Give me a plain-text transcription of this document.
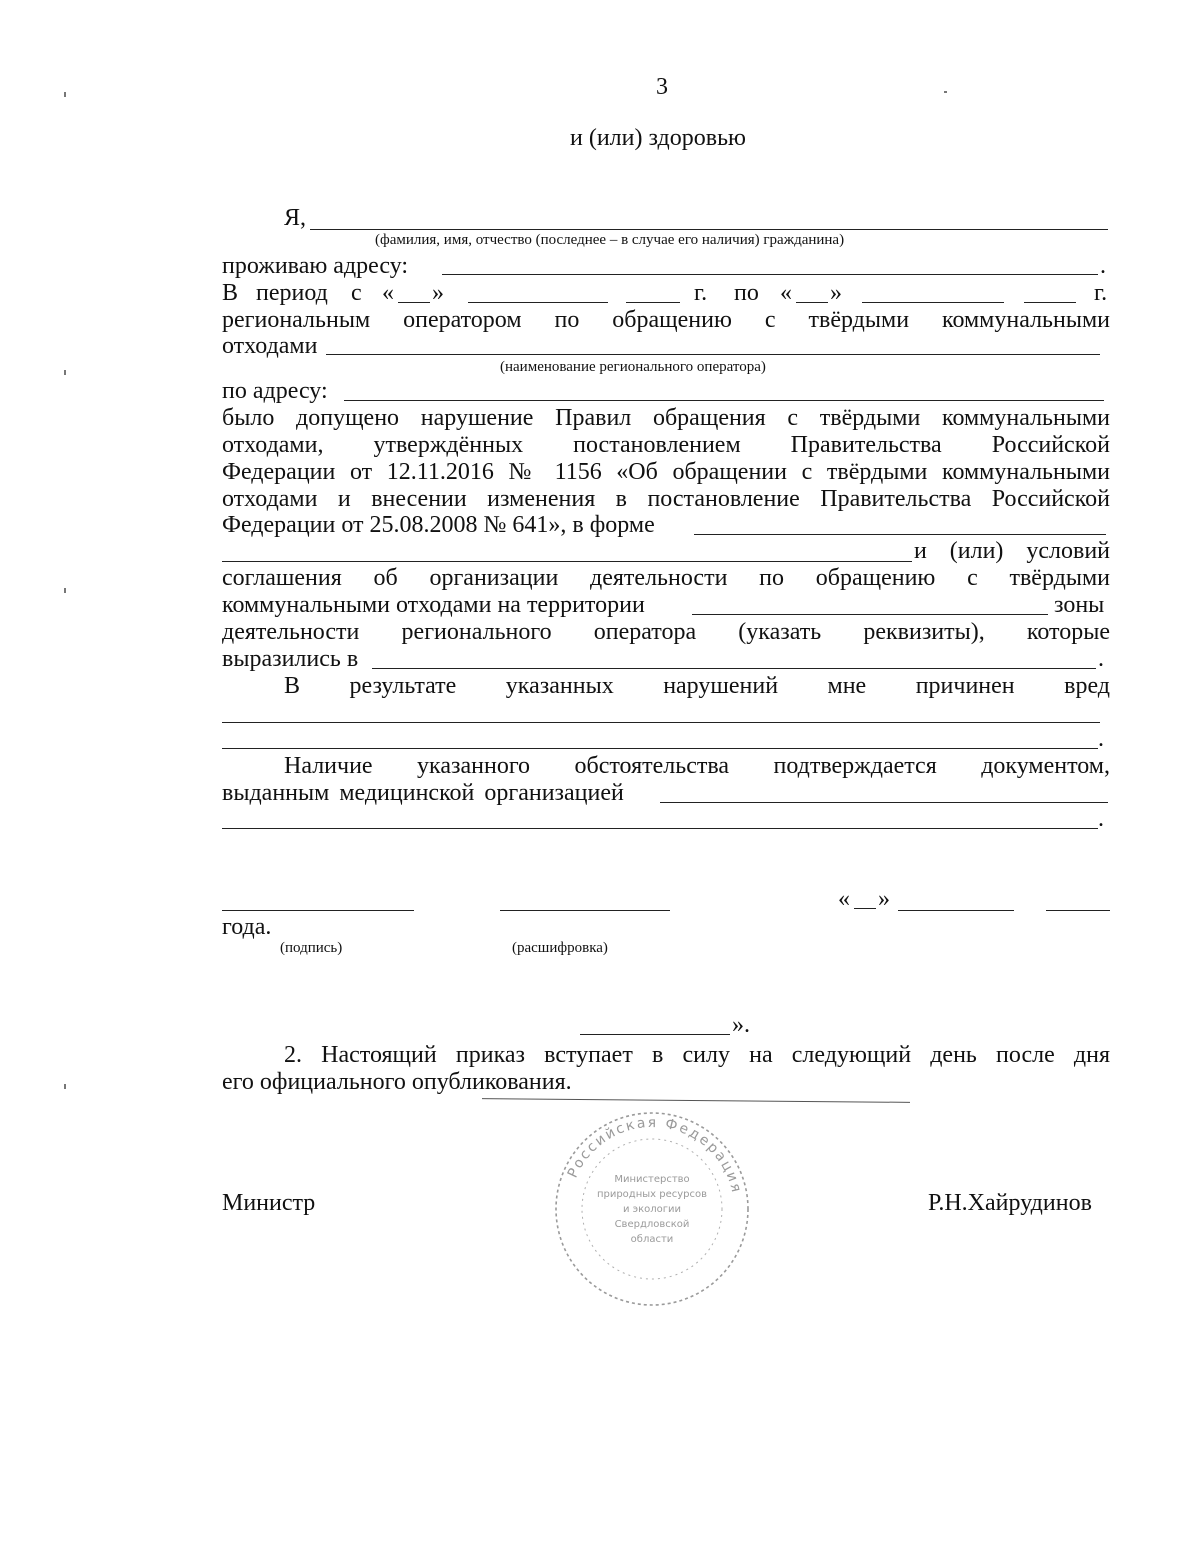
3
и (или) здоровью
Я,
(фамилия, имя, отчество (последнее – в случае его наличия) гражданина)
проживаю адресу:	.
В период с « »	г. по « »	г.
региональным оператором по обращению с твёрдыми коммунальными
отходами
(наименование регионального оператора)
по адресу:
было допущено нарушение Правил обращения с твёрдыми коммунальными
отходами, утверждённых постановлением Правительства Российской
Федерации от 12.11.2016 № 1156 «Об обращении с твёрдыми коммунальными
отходами и внесении изменения в постановление Правительства Российской
Федерации от 25.08.2008 № 641», в форме
и (или) условий
соглашения об организации деятельности по обращению с твёрдыми
коммунальными отходами на территории	зоны
деятельности регионального оператора (указать реквизиты), которые
выразились в	.
В результате указанных нарушений мне причинен вред
.
Наличие указанного обстоятельства подтверждается документом,
выданным медицинской организацией
.
« »
года.
(подпись)	(расшифровка)
».
2. Настоящий приказ вступает в силу на следующий день после дня
его официального опубликования.
Российская Федерация
Министерство
природных ресурсов
и экологии
Свердловской
области
Министр	Р.Н.Хайрудинов
